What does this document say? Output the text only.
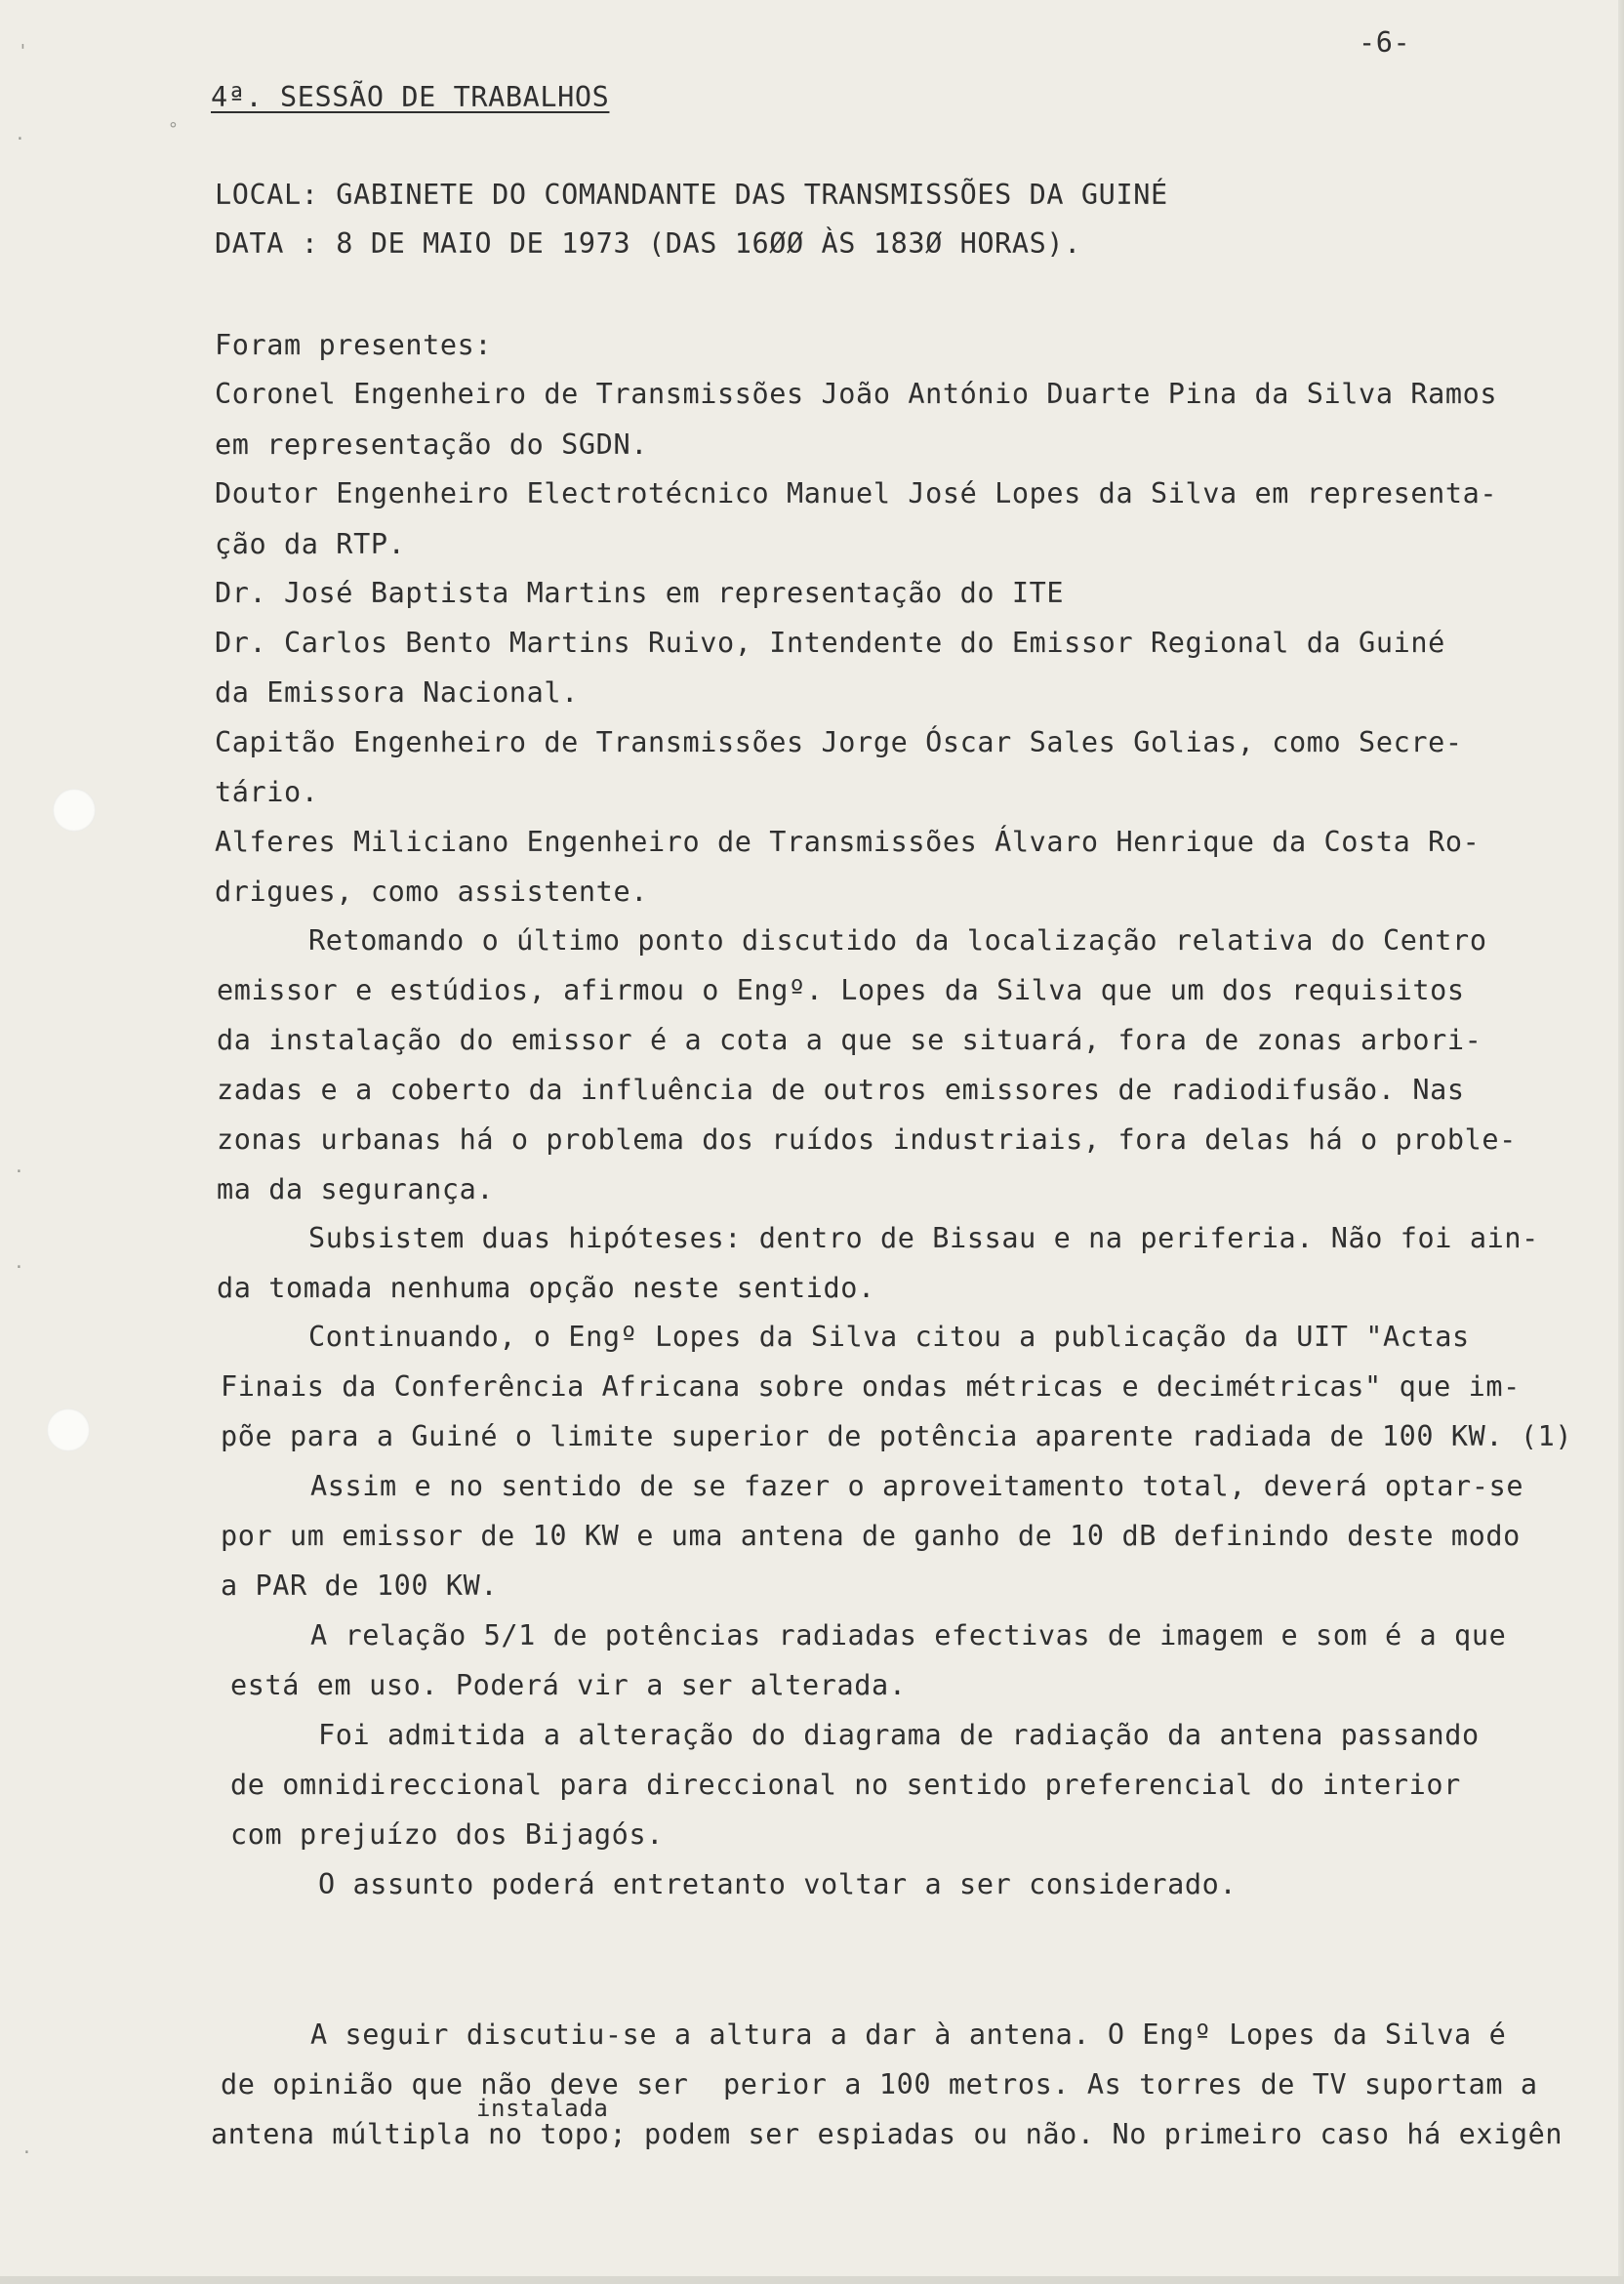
'
·	°
·
·
·
-6-
4ª. SESSÃO DE TRABALHOS
LOCAL: GABINETE DO COMANDANTE DAS TRANSMISSÕES DA GUINÉ
DATA : 8 DE MAIO DE 1973 (DAS 16ØØ ÀS 183Ø HORAS).
Foram presentes:
Coronel Engenheiro de Transmissões João António Duarte Pina da Silva Ramos
em representação do SGDN.
Doutor Engenheiro Electrotécnico Manuel José Lopes da Silva em representa-
ção da RTP.
Dr. José Baptista Martins em representação do ITE
Dr. Carlos Bento Martins Ruivo, Intendente do Emissor Regional da Guiné
da Emissora Nacional.
Capitão Engenheiro de Transmissões Jorge Óscar Sales Golias, como Secre-
tário.
Alferes Miliciano Engenheiro de Transmissões Álvaro Henrique da Costa Ro-
drigues, como assistente.
Retomando o último ponto discutido da localização relativa do Centro
emissor e estúdios, afirmou o Engº. Lopes da Silva que um dos requisitos
da instalação do emissor é a cota a que se situará, fora de zonas arbori-
zadas e a coberto da influência de outros emissores de radiodifusão. Nas
zonas urbanas há o problema dos ruídos industriais, fora delas há o proble-
ma da segurança.
Subsistem duas hipóteses: dentro de Bissau e na periferia. Não foi ain-
da tomada nenhuma opção neste sentido.
Continuando, o Engº Lopes da Silva citou a publicação da UIT "Actas
Finais da Conferência Africana sobre ondas métricas e decimétricas" que im-
põe para a Guiné o limite superior de potência aparente radiada de 100 KW. (1)
Assim e no sentido de se fazer o aproveitamento total, deverá optar-se
por um emissor de 10 KW e uma antena de ganho de 10 dB definindo deste modo
a PAR de 100 KW.
A relação 5/1 de potências radiadas efectivas de imagem e som é a que
está em uso. Poderá vir a ser alterada.
Foi admitida a alteração do diagrama de radiação da antena passando
de omnidireccional para direccional no sentido preferencial do interior
com prejuízo dos Bijagós.
O assunto poderá entretanto voltar a ser considerado.
A seguir discutiu-se a altura a dar à antena. O Engº Lopes da Silva é
de opinião que não deve ser  perior a 100 metros. As torres de TV suportam a
instalada
antena múltipla no topo; podem ser espiadas ou não. No primeiro caso há exigên
